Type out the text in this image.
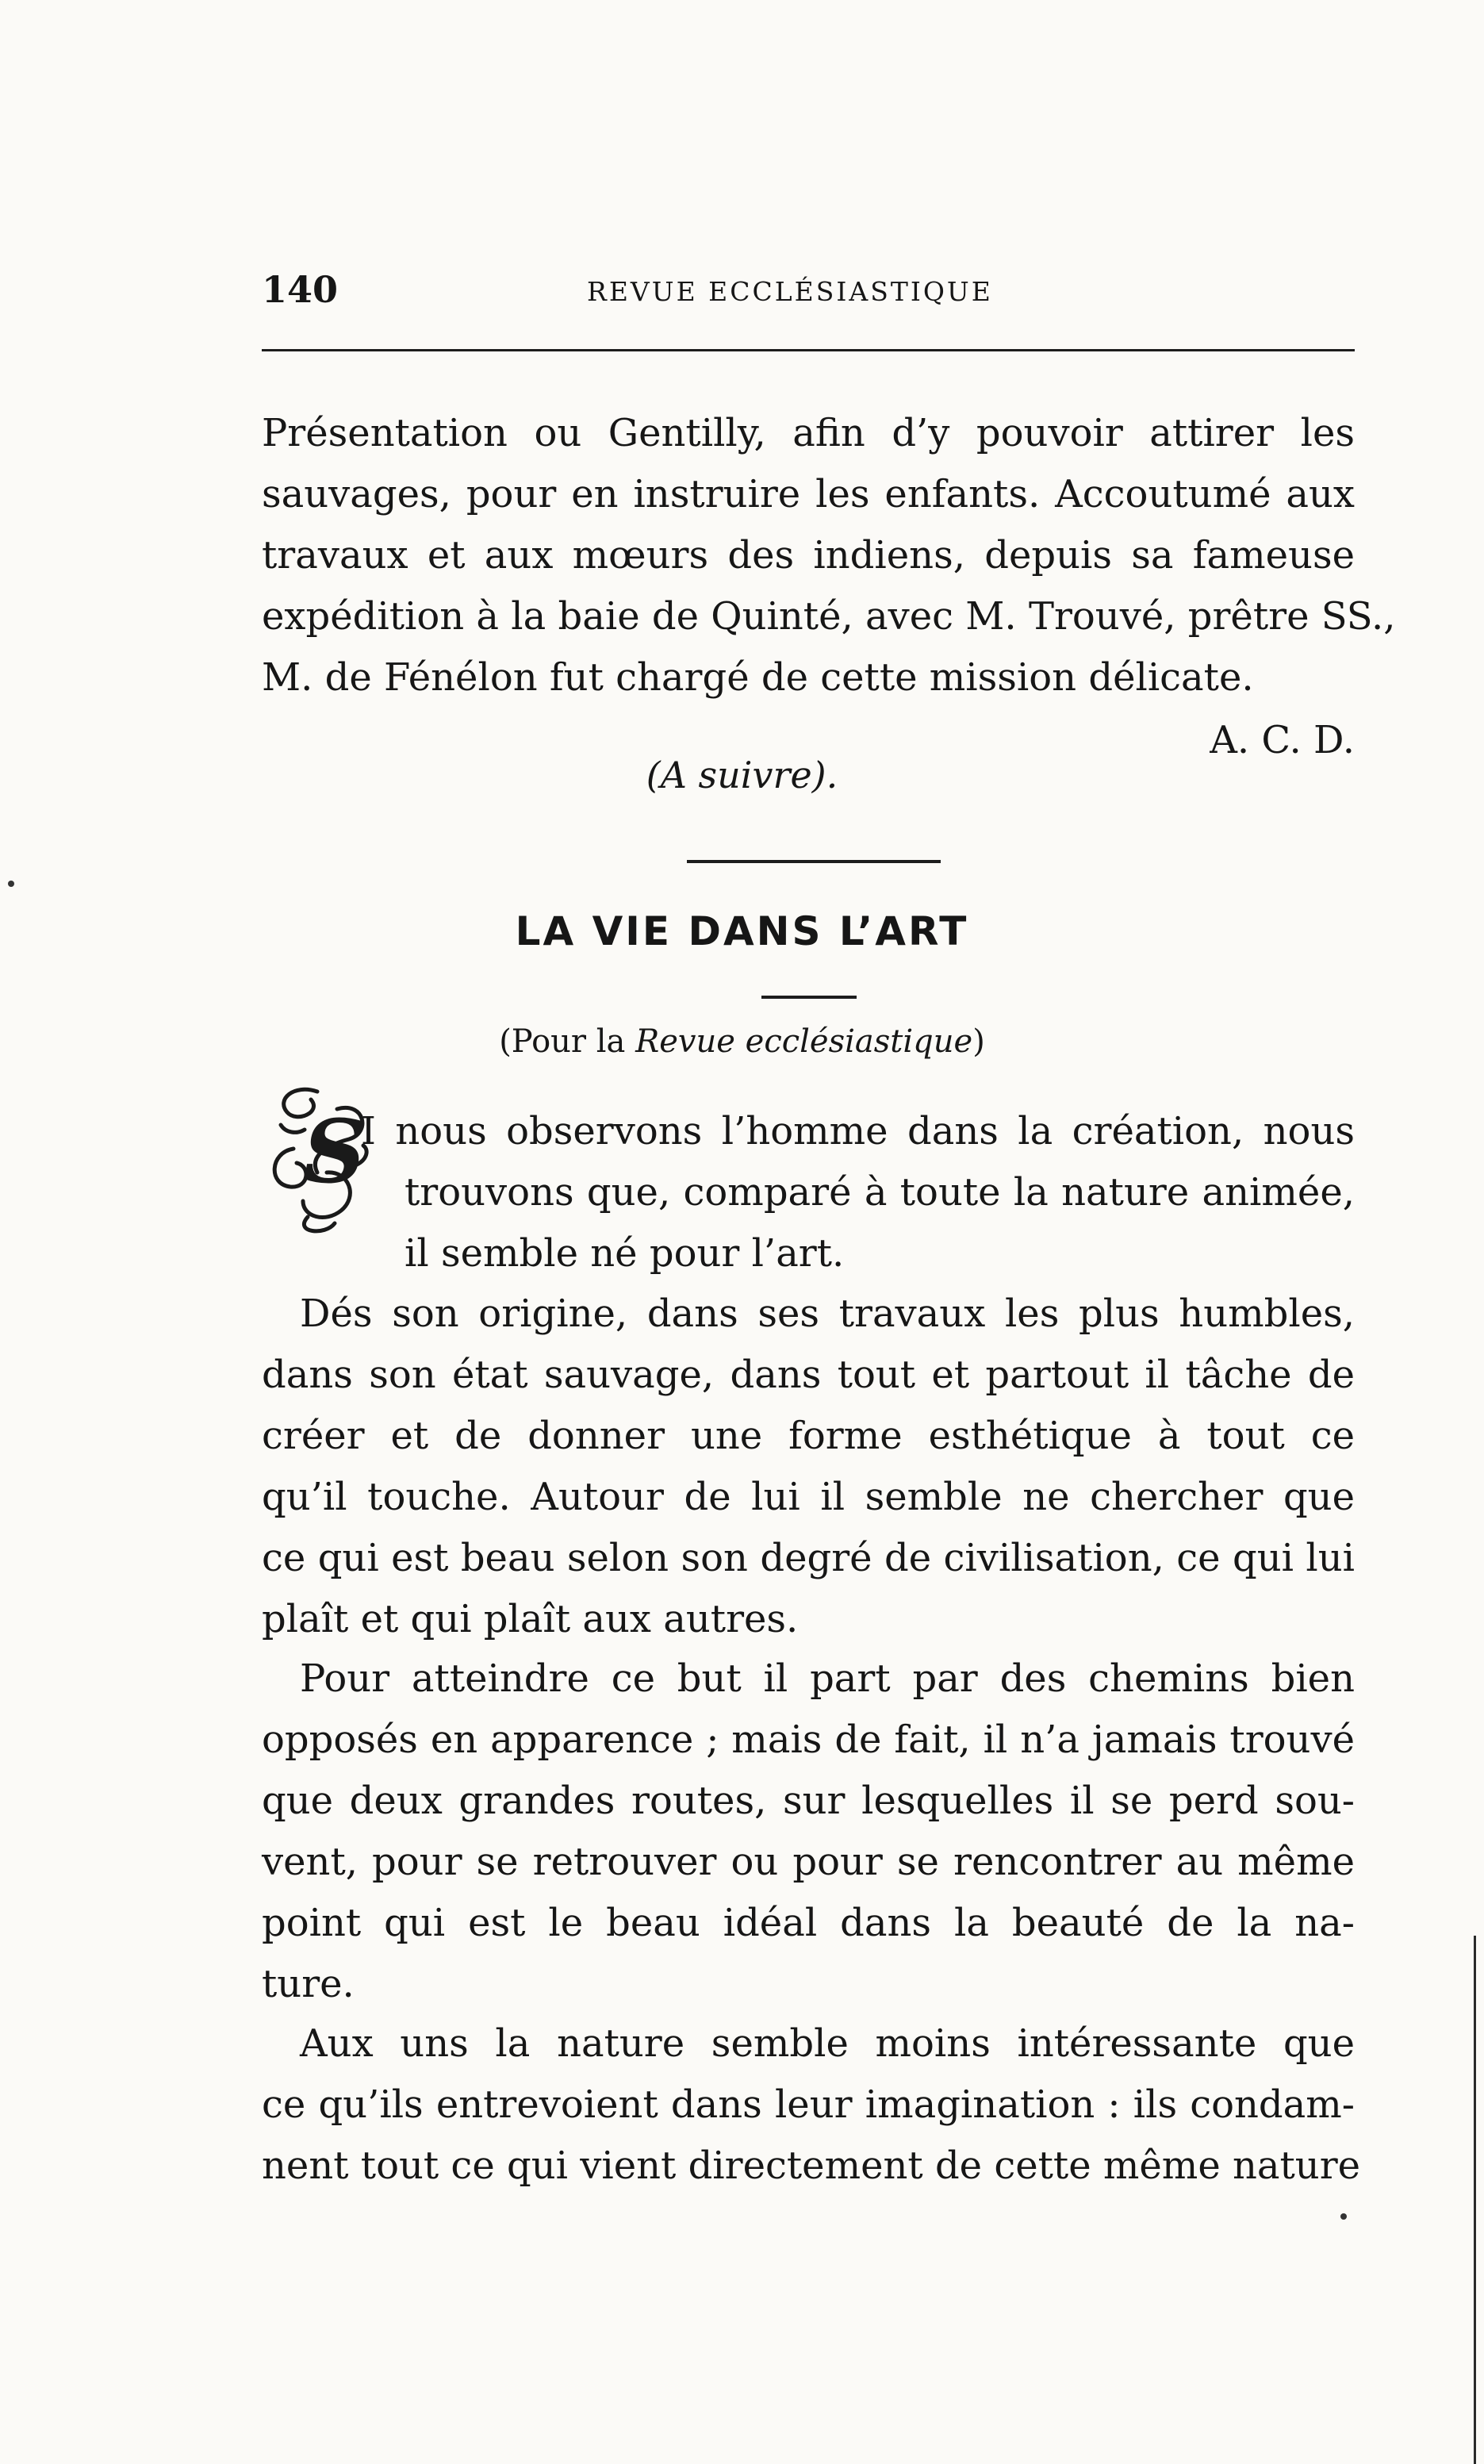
140	REVUE ECCLÉSIASTIQUE
Présentation ou Gentilly, afin d’y pouvoir attirer les
sauvages, pour en instruire les enfants. Accoutumé aux
travaux et aux mœurs des indiens, depuis sa fameuse
expédition à la baie de Quinté, avec M. Trouvé, prêtre SS.,
M. de Fénélon fut chargé de cette mission délicate.
A. C. D.
(A suivre).
LA VIE DANS L’ART
(Pour la Revue ecclésiastique)
S
I nous observons l’homme dans la création, nous
trouvons que, comparé à toute la nature animée,
il semble né pour l’art.
Dés son origine, dans ses travaux les plus humbles,
dans son état sauvage, dans tout et partout il tâche de
créer et de donner une forme esthétique à tout ce
qu’il touche. Autour de lui il semble ne chercher que
ce qui est beau selon son degré de civilisation, ce qui lui
plaît et qui plaît aux autres.
Pour atteindre ce but il part par des chemins bien
opposés en apparence ; mais de fait, il n’a jamais trouvé
que deux grandes routes, sur lesquelles il se perd sou-
vent, pour se retrouver ou pour se rencontrer au même
point qui est le beau idéal dans la beauté de la na-
ture.
Aux uns la nature semble moins intéressante que
ce qu’ils entrevoient dans leur imagination : ils condam-
nent tout ce qui vient directement de cette même nature
